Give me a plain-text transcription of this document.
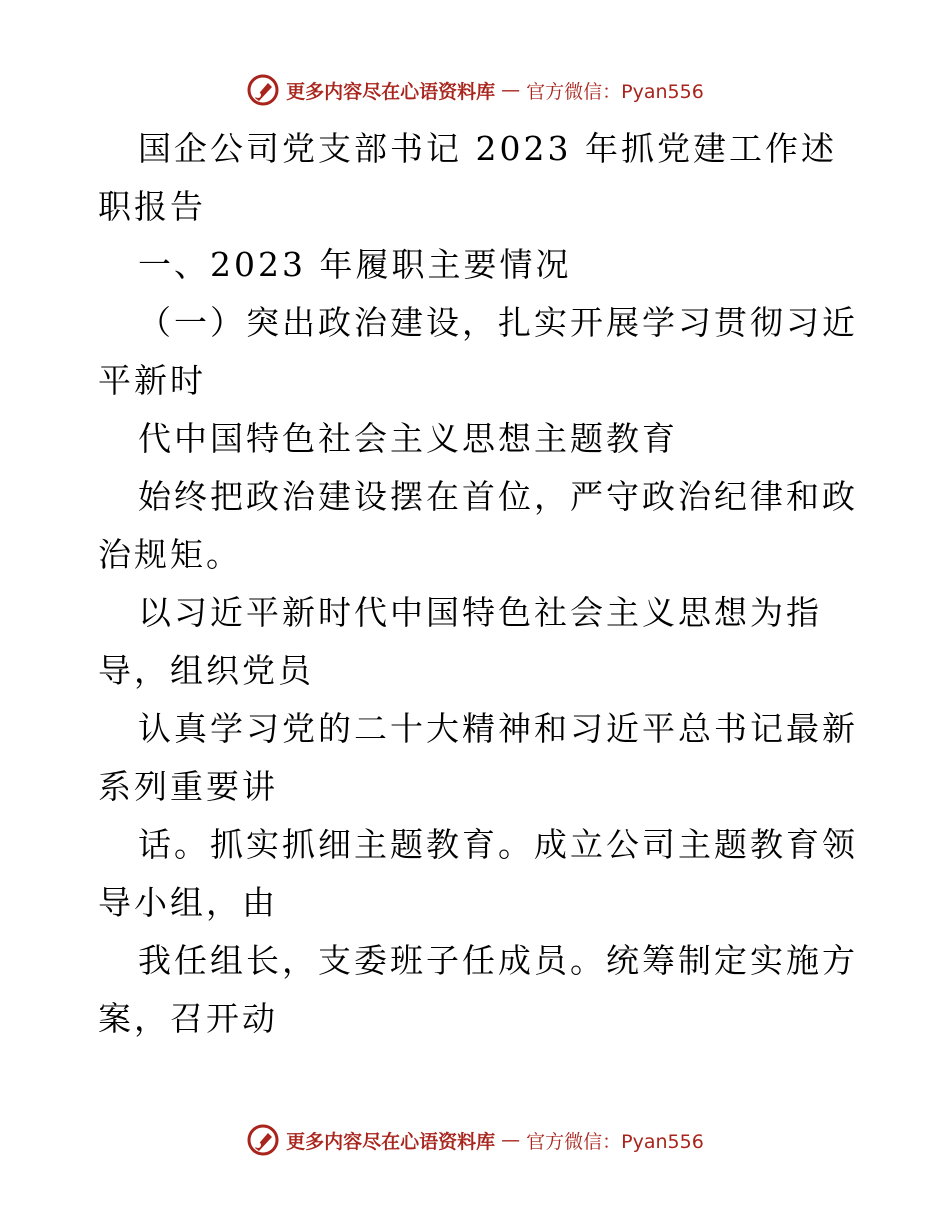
更多内容尽在心语资料库 — 官方微信：Pyan556

国企公司党支部书记 2023 年抓党建工作述职报告

一、2023 年履职主要情况

（一）突出政治建设，扎实开展学习贯彻习近平新时

代中国特色社会主义思想主题教育

始终把政治建设摆在首位，严守政治纪律和政治规矩。

以习近平新时代中国特色社会主义思想为指导，组织党员

认真学习党的二十大精神和习近平总书记最新系列重要讲

话。抓实抓细主题教育。成立公司主题教育领导小组，由

我任组长，支委班子任成员。统筹制定实施方案，召开动

更多内容尽在心语资料库 — 官方微信：Pyan556
